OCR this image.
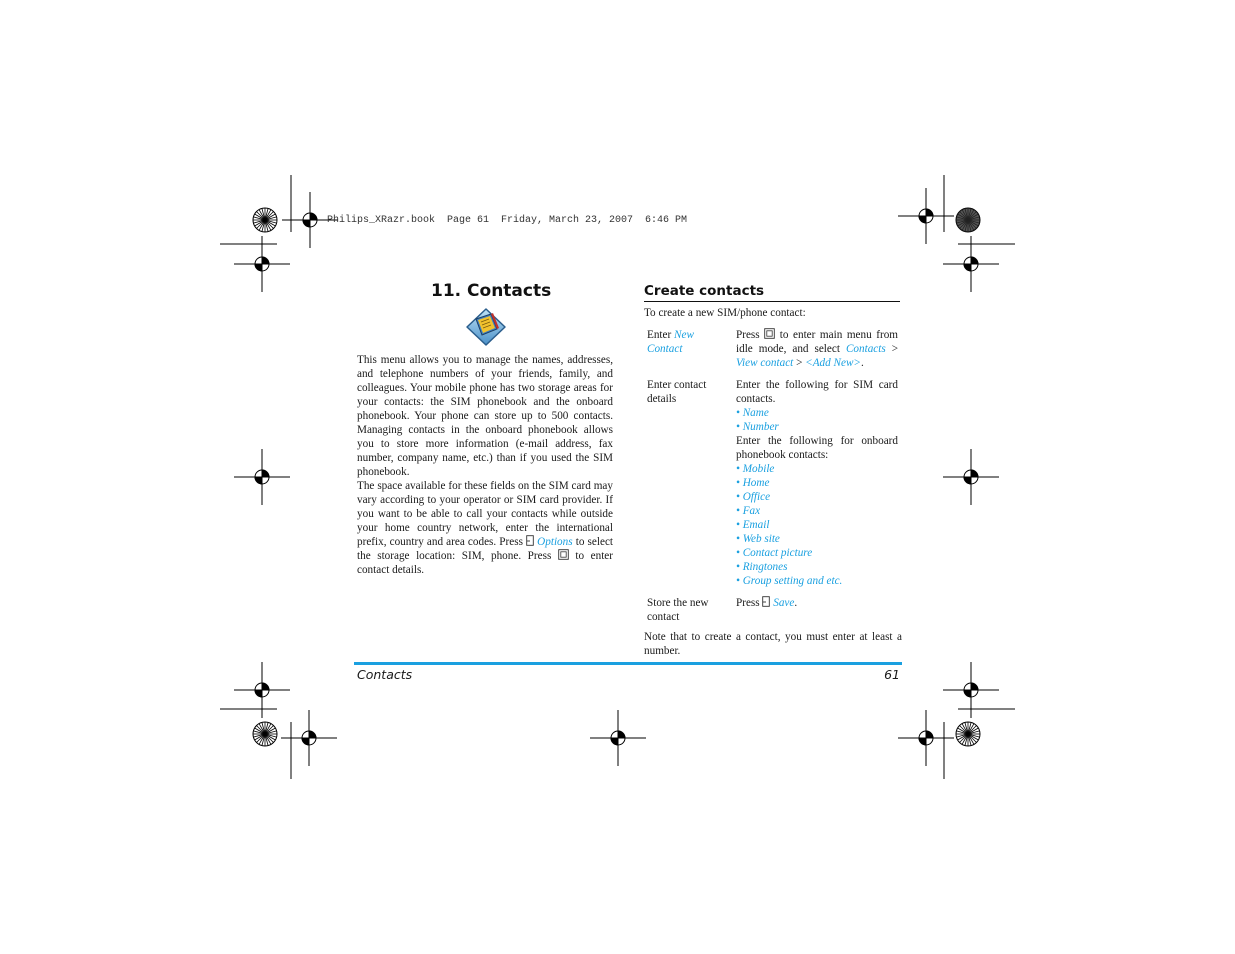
Philips_XRazr.book  Page 61  Friday, March 23, 2007  6:46 PM
11. Contacts

This menu allows you to manage the names, addresses, and telephone numbers of your friends, family, and colleagues. Your mobile phone has two storage areas for your contacts: the SIM phonebook and the onboard phonebook. Your phone can store up to 500 contacts. Managing contacts in the onboard phonebook allows you to store more information (e-mail address, fax number, company name, etc.) than if you used the SIM phonebook.

The space available for these fields on the SIM card may vary according to your operator or SIM card provider. If you want to be able to call your contacts while outside your home country network, enter the international prefix, country and area codes. Press Options to select the storage location: SIM, phone. Press to enter contact details.

Create contacts
To create a new SIM/phone contact:
Enter New Contact
Press to enter main menu from idle mode, and select Contacts > View contact > <Add New>.
Enter contact details
Enter the following for SIM card contacts.
• Name
• Number
Enter the following for onboard phonebook contacts:
• Mobile
• Home
• Office
• Fax
• Email
• Web site
• Contact picture
• Ringtones
• Group setting and etc.
Store the new contact
Press Save.
Note that to create a contact, you must enter at least a number.
Contacts	61
